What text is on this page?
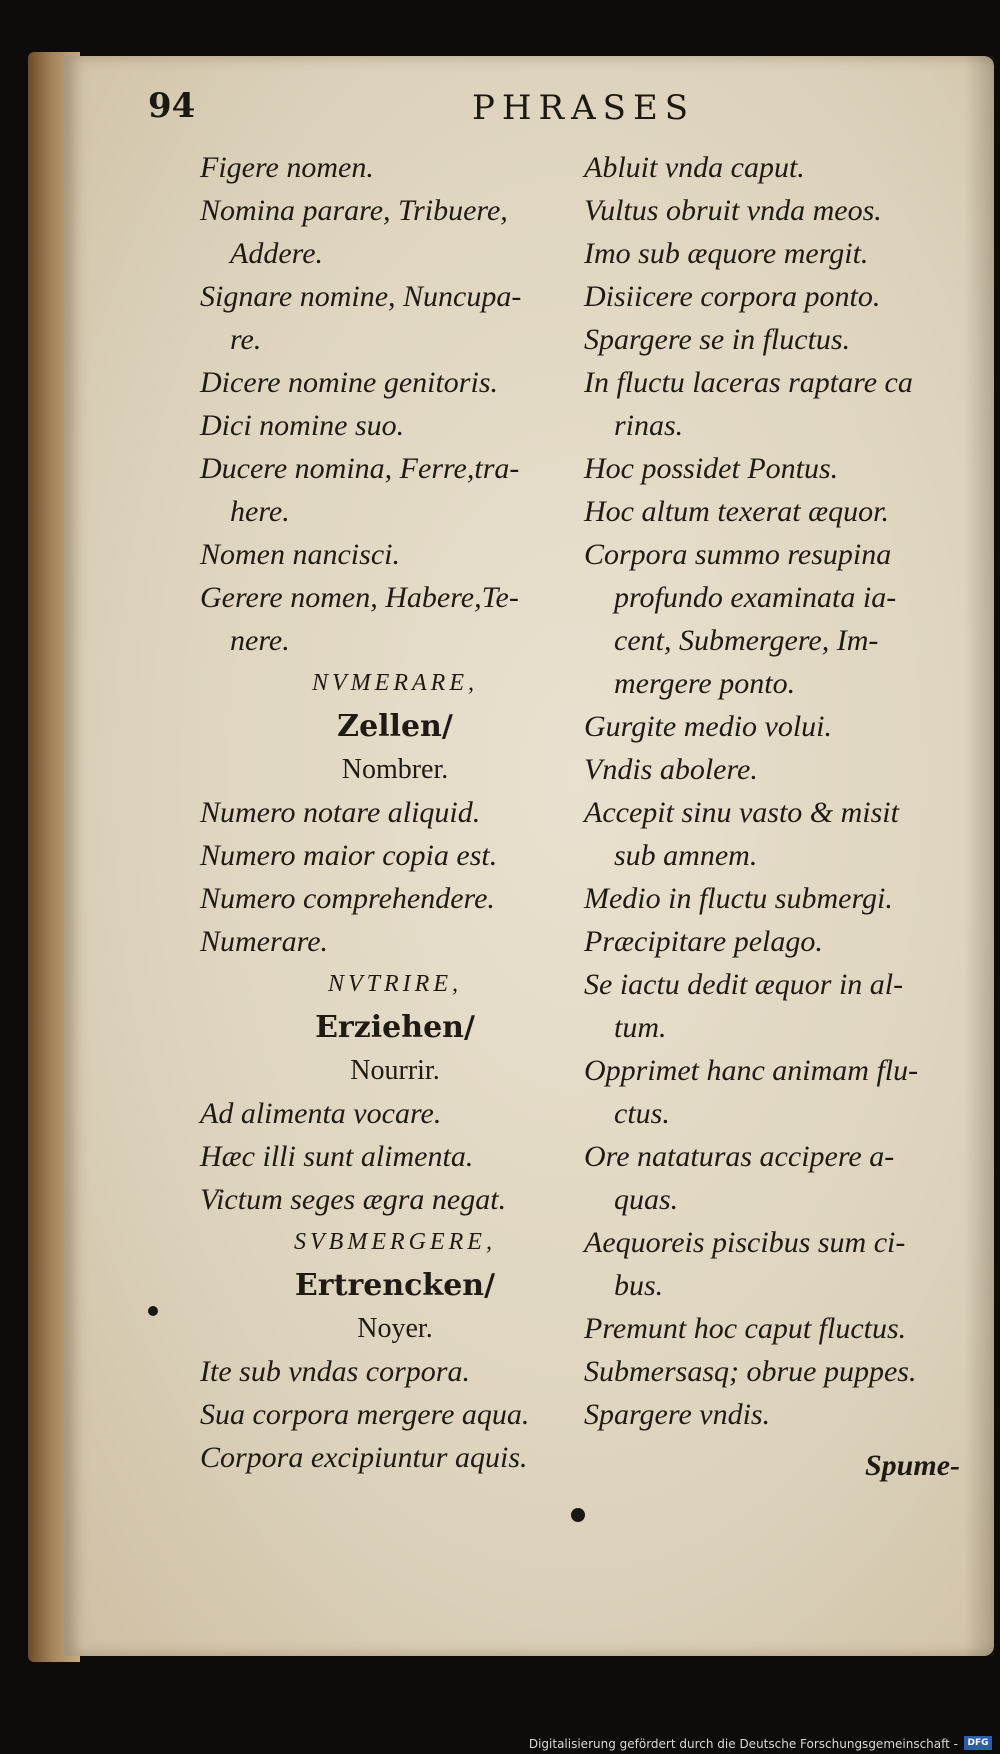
94	PHRASES
Figere nomen.
Nomina parare, Tribuere,
Addere.
Signare nomine, Nuncupa-
re.
Dicere nomine genitoris.
Dici nomine suo.
Ducere nomina, Ferre,tra-
here.
Nomen nancisci.
Gerere nomen, Habere,Te-
nere.
NVMERARE,
Zellen/
Nombrer.
Numero notare aliquid.
Numero maior copia est.
Numero comprehendere.
Numerare.
NVTRIRE,
Erziehen/
Nourrir.
Ad alimenta vocare.
Hæc illi sunt alimenta.
Victum seges ægra negat.
SVBMERGERE,
Ertrencken/
Noyer.
Ite sub vndas corpora.
Sua corpora mergere aqua.
Corpora excipiuntur aquis.
Abluit vnda caput.
Vultus obruit vnda meos.
Imo sub æquore mergit.
Disiicere corpora ponto.
Spargere se in fluctus.
In fluctu laceras raptare ca
rinas.
Hoc possidet Pontus.
Hoc altum texerat æquor.
Corpora summo resupina
profundo examinata ia-
cent, Submergere, Im-
mergere ponto.
Gurgite medio volui.
Vndis abolere.
Accepit sinu vasto & misit
sub amnem.
Medio in fluctu submergi.
Præcipitare pelago.
Se iactu dedit æquor in al-
tum.
Opprimet hanc animam flu-
ctus.
Ore nataturas accipere a-
quas.
Aequoreis piscibus sum ci-
bus.
Premunt hoc caput fluctus.
Submersasq; obrue puppes.
Spargere vndis.
Spume-
Digitalisierung gefördert durch die Deutsche Forschungsgemeinschaft -	DFG
